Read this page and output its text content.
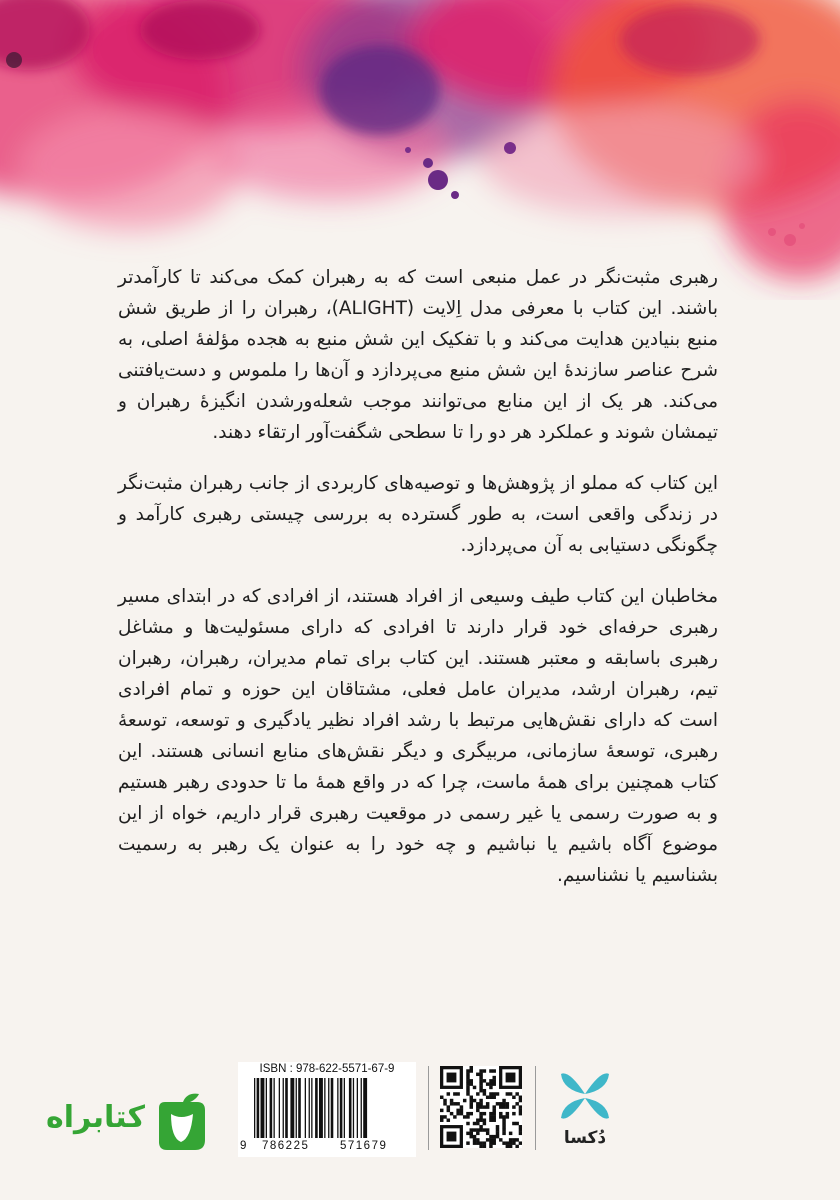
رهبری مثبت‌نگر در عمل منبعی است که به رهبران کمک می‌کند تا کارآمدتر باشند. این کتاب با معرفی مدل اِلایت (ALIGHT)، رهبران را از طریق شش منبع بنیادین هدایت می‌کند و با تفکیک این شش منبع به هجده مؤلفهٔ اصلی، به شرح عناصر سازندهٔ این شش منبع می‌پردازد و آن‌ها را ملموس و دست‌یافتنی می‌کند. هر یک از این منابع می‌توانند موجب شعله‌ورشدن انگیزهٔ رهبران و تیمشان شوند و عملکرد هر دو را تا سطحی شگفت‌آور ارتقاء دهند.

این کتاب که مملو از پژوهش‌ها و توصیه‌های کاربردی از جانب رهبران مثبت‌نگر در زندگی واقعی است، به طور گسترده به بررسی چیستی رهبری کارآمد و چگونگی دستیابی به آن می‌پردازد.

مخاطبان این کتاب طیف وسیعی از افراد هستند، از افرادی که در ابتدای مسیر رهبری حرفه‌ای خود قرار دارند تا افرادی که دارای مسئولیت‌ها و مشاغل رهبری باسابقه و معتبر هستند. این کتاب برای تمام مدیران، رهبران، رهبران تیم، رهبران ارشد، مدیران عامل فعلی، مشتاقان این حوزه و تمام افرادی است که دارای نقش‌هایی مرتبط با رشد افراد نظیر یادگیری و توسعه، توسعهٔ رهبری، توسعهٔ سازمانی، مربیگری و دیگر نقش‌های منابع انسانی هستند. این کتاب همچنین برای همهٔ ماست، چرا که در واقع همهٔ ما تا حدودی رهبر هستیم و به صورت رسمی یا غیر رسمی در موقعیت رهبری قرار داریم، خواه از این موضوع آگاه باشیم یا نباشیم و چه خود را به عنوان یک رهبر به رسمیت بشناسیم یا نشناسیم.

کتابراه
ISBN : 978-622-5571-67-9
9 786225	571679	دُکسا
